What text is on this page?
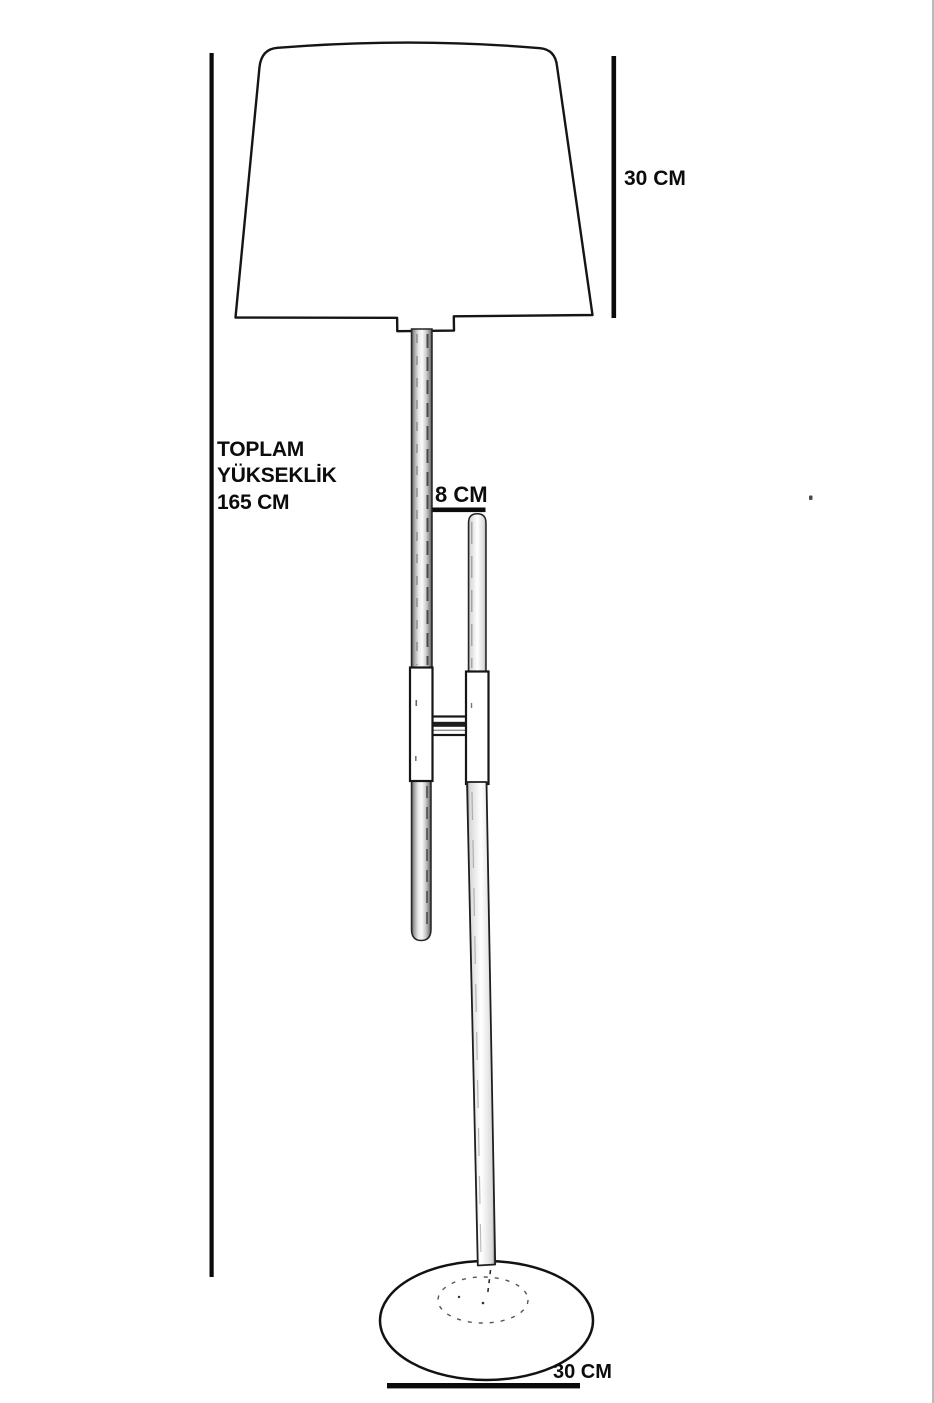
TOPLAM
YÜKSEKLİK
165 CM
30 CM
8 CM
30 CM
